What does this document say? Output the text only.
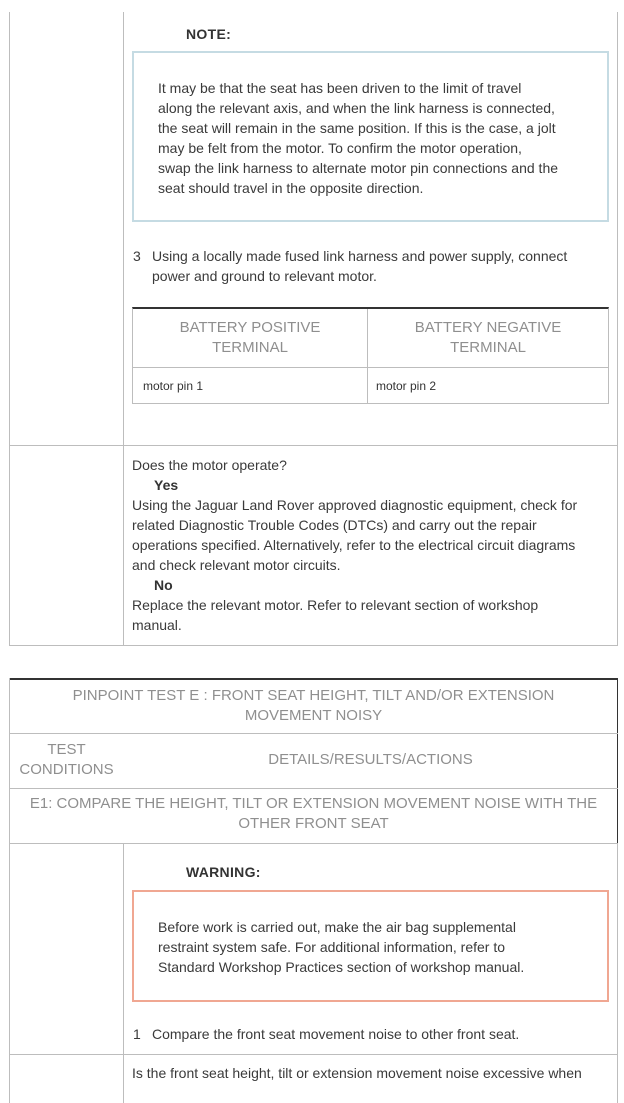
NOTE:
It may be that the seat has been driven to the limit of travel
along the relevant axis, and when the link harness is connected,
the seat will remain in the same position. If this is the case, a jolt
may be felt from the motor. To confirm the motor operation,
swap the link harness to alternate motor pin connections and the
seat should travel in the opposite direction.
3 Using a locally made fused link harness and power supply, connect
power and ground to relevant motor.
BATTERY POSITIVE
TERMINAL
BATTERY NEGATIVE
TERMINAL
motor pin 1	motor pin 2
Does the motor operate?
Yes
Using the Jaguar Land Rover approved diagnostic equipment, check for
related Diagnostic Trouble Codes (DTCs) and carry out the repair
operations specified. Alternatively, refer to the electrical circuit diagrams
and check relevant motor circuits.
No
Replace the relevant motor. Refer to relevant section of workshop
manual.
PINPOINT TEST E : FRONT SEAT HEIGHT, TILT AND/OR EXTENSION
MOVEMENT NOISY
TEST
CONDITIONS
DETAILS/RESULTS/ACTIONS
E1: COMPARE THE HEIGHT, TILT OR EXTENSION MOVEMENT NOISE WITH THE
OTHER FRONT SEAT
WARNING:
Before work is carried out, make the air bag supplemental
restraint system safe. For additional information, refer to
Standard Workshop Practices section of workshop manual.
1 Compare the front seat movement noise to other front seat.
Is the front seat height, tilt or extension movement noise excessive when
